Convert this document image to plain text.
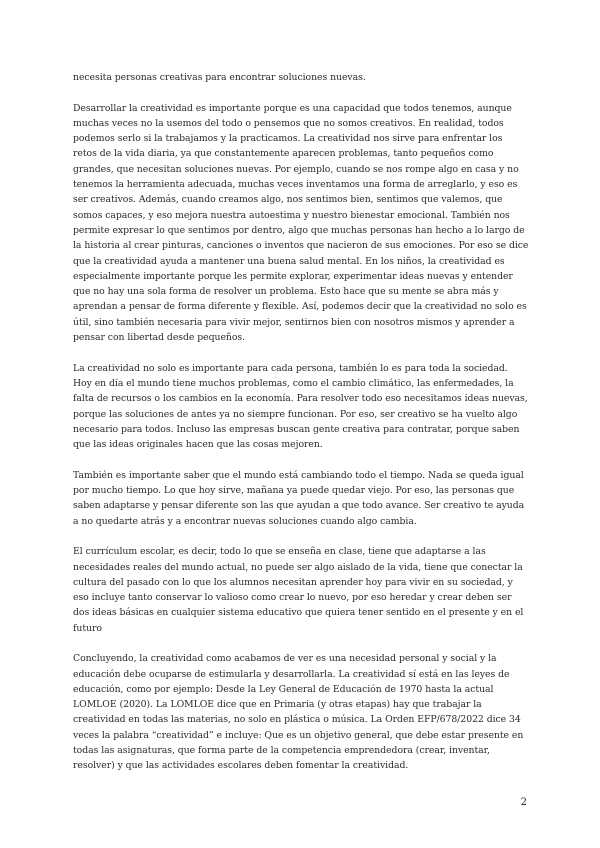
necesita personas creativas para encontrar soluciones nuevas.

Desarrollar la creatividad es importante porque es una capacidad que todos tenemos, aunque muchas veces no la usemos del todo o pensemos que no somos creativos. En realidad, todos podemos serlo si la trabajamos y la practicamos. La creatividad nos sirve para enfrentar los retos de la vida diaria, ya que constantemente aparecen problemas, tanto pequeños como grandes, que necesitan soluciones nuevas. Por ejemplo, cuando se nos rompe algo en casa y no tenemos la herramienta adecuada, muchas veces inventamos una forma de arreglarlo, y eso es ser creativos. Además, cuando creamos algo, nos sentimos bien, sentimos que valemos, que somos capaces, y eso mejora nuestra autoestima y nuestro bienestar emocional. También nos permite expresar lo que sentimos por dentro, algo que muchas personas han hecho a lo largo de la historia al crear pinturas, canciones o inventos que nacieron de sus emociones. Por eso se dice que la creatividad ayuda a mantener una buena salud mental. En los niños, la creatividad es especialmente importante porque les permite explorar, experimentar ideas nuevas y entender que no hay una sola forma de resolver un problema. Esto hace que su mente se abra más y aprendan a pensar de forma diferente y flexible. Así, podemos decir que la creatividad no solo es útil, sino también necesaria para vivir mejor, sentirnos bien con nosotros mismos y aprender a pensar con libertad desde pequeños.

La creatividad no solo es importante para cada persona, también lo es para toda la sociedad. Hoy en día el mundo tiene muchos problemas, como el cambio climático, las enfermedades, la falta de recursos o los cambios en la economía. Para resolver todo eso necesitamos ideas nuevas, porque las soluciones de antes ya no siempre funcionan. Por eso, ser creativo se ha vuelto algo necesario para todos. Incluso las empresas buscan gente creativa para contratar, porque saben que las ideas originales hacen que las cosas mejoren.

También es importante saber que el mundo está cambiando todo el tiempo. Nada se queda igual por mucho tiempo. Lo que hoy sirve, mañana ya puede quedar viejo. Por eso, las personas que saben adaptarse y pensar diferente son las que ayudan a que todo avance. Ser creativo te ayuda a no quedarte atrás y a encontrar nuevas soluciones cuando algo cambia.

El currículum escolar, es decir, todo lo que se enseña en clase, tiene que adaptarse a las necesidades reales del mundo actual, no puede ser algo aislado de la vida, tiene que conectar la cultura del pasado con lo que los alumnos necesitan aprender hoy para vivir en su sociedad, y eso incluye tanto conservar lo valioso como crear lo nuevo, por eso heredar y crear deben ser dos ideas básicas en cualquier sistema educativo que quiera tener sentido en el presente y en el futuro

Concluyendo, la creatividad como acabamos de ver es una necesidad personal y social y la educación debe ocuparse de estimularla y desarrollarla. La creatividad sí está en las leyes de educación, como por ejemplo: Desde la Ley General de Educación de 1970 hasta la actual LOMLOE (2020). La LOMLOE dice que en Primaria (y otras etapas) hay que trabajar la creatividad en todas las materias, no solo en plástica o música. La Orden EFP/678/2022 dice 34 veces la palabra “creatividad” e incluye: Que es un objetivo general, que debe estar presente en todas las asignaturas, que forma parte de la competencia emprendedora (crear, inventar, resolver) y que las actividades escolares deben fomentar la creatividad.

2
